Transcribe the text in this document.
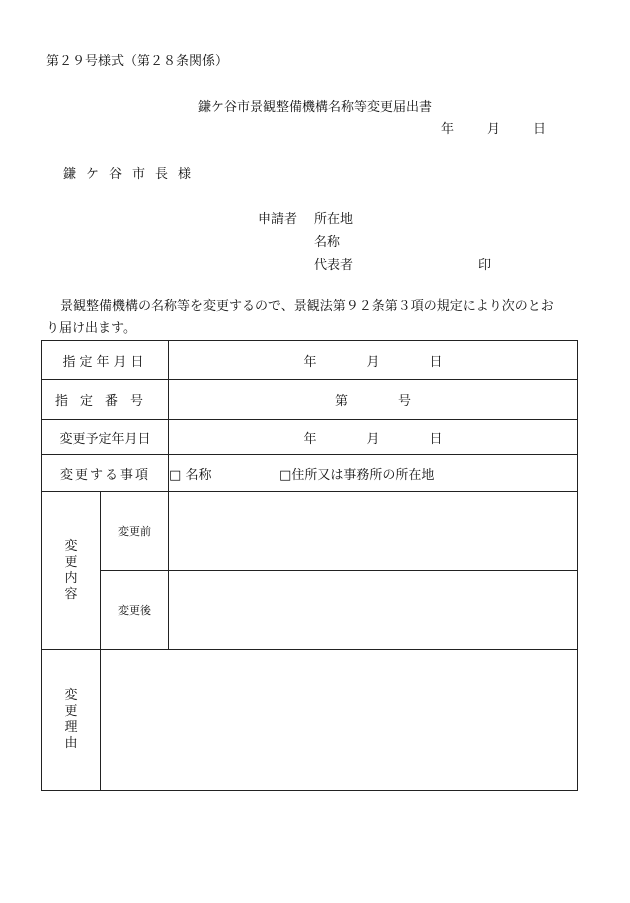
第２９号様式（第２８条関係）
鎌ケ谷市景観整備機構名称等変更届出書
年	月	日
鎌ケ谷市長様
申請者 所在地
名称
代表者	印
景観整備機構の名称等を変更するので、景観法第９２条第３項の規定により次のとおり届け出ます。
指定年月日		年 月 日
指定番号		第 号
変更予定年月日		年 月 日
変更する事項		□ 名称 □住所又は事務所の所在地
変更内容	変更前	
	変更後	
変更理由		
